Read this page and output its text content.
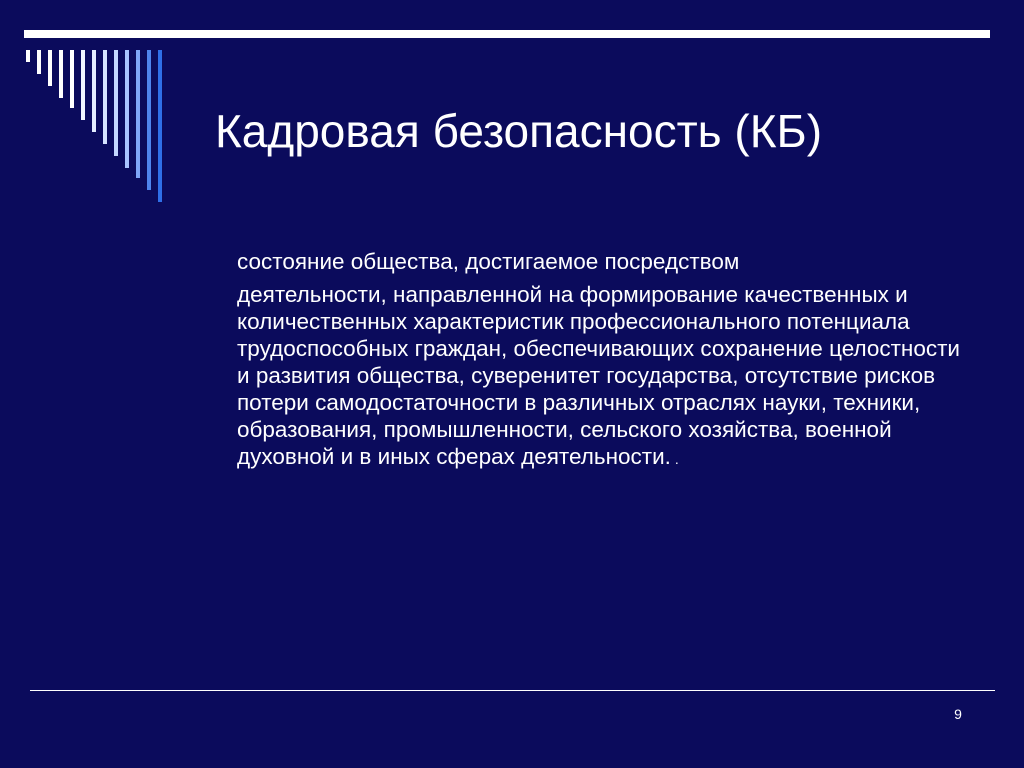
Кадровая безопасность (КБ)
состояние общества, достигаемое посредством
деятельности, направленной на формирование качественных и количественных характеристик профессионального потенциала трудоспособных граждан, обеспечивающих сохранение целостности и развития общества, суверенитет государства, отсутствие рисков потери самодостаточности в различных отраслях науки, техники, образования, промышленности, сельского хозяйства, военной духовной и в иных сферах деятельности. .
9
